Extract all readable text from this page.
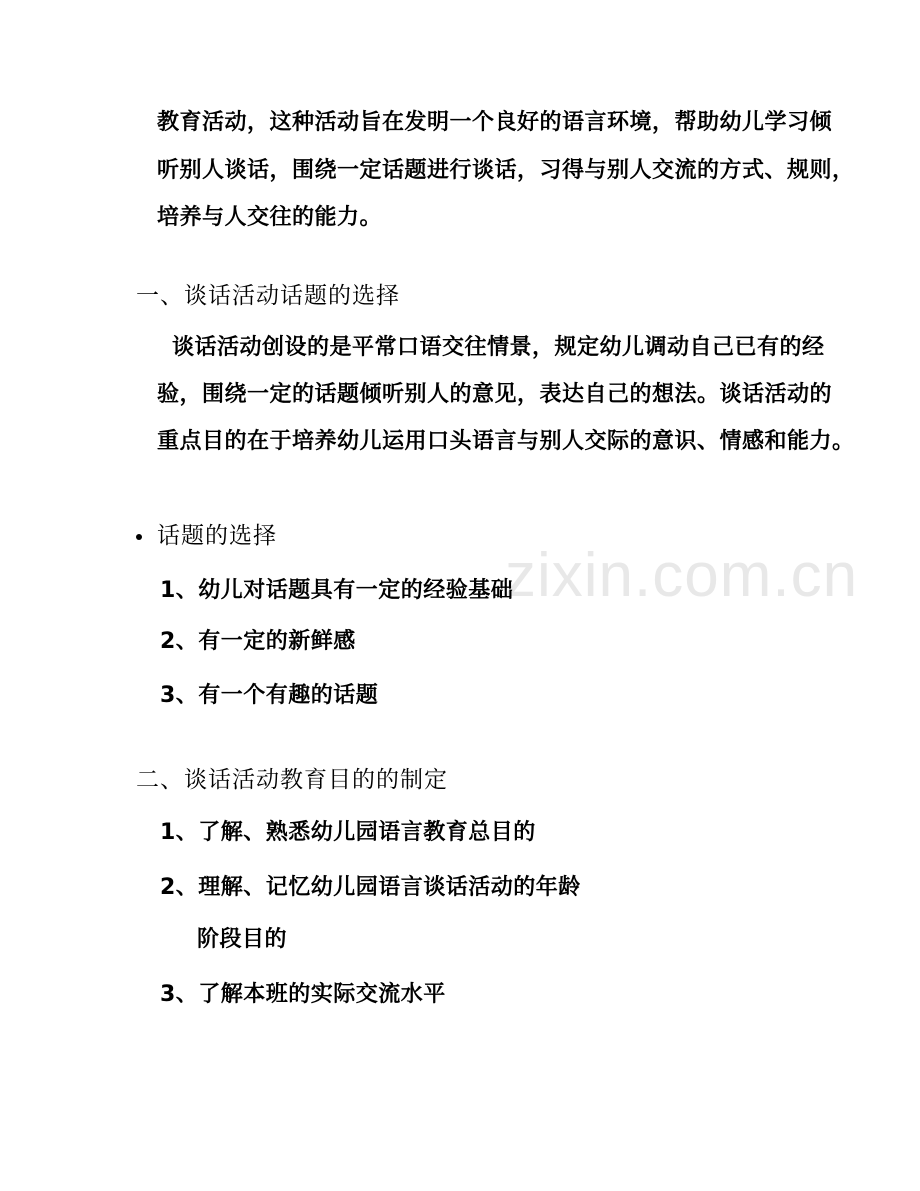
zixin.com.cn
教育活动，这种活动旨在发明一个良好的语言环境，帮助幼儿学习倾
听别人谈话，围绕一定话题进行谈话，习得与别人交流的方式、规则，
培养与人交往的能力。
一、谈话活动话题的选择
谈话活动创设的是平常口语交往情景，规定幼儿调动自己已有的经
验，围绕一定的话题倾听别人的意见，表达自己的想法。谈话活动的
重点目的在于培养幼儿运用口头语言与别人交际的意识、情感和能力。
话题的选择
1、幼儿对话题具有一定的经验基础
2、有一定的新鲜感
3、有一个有趣的话题
二、谈话活动教育目的的制定
1、了解、熟悉幼儿园语言教育总目的
2、理解、记忆幼儿园语言谈话活动的年龄
阶段目的
3、了解本班的实际交流水平
